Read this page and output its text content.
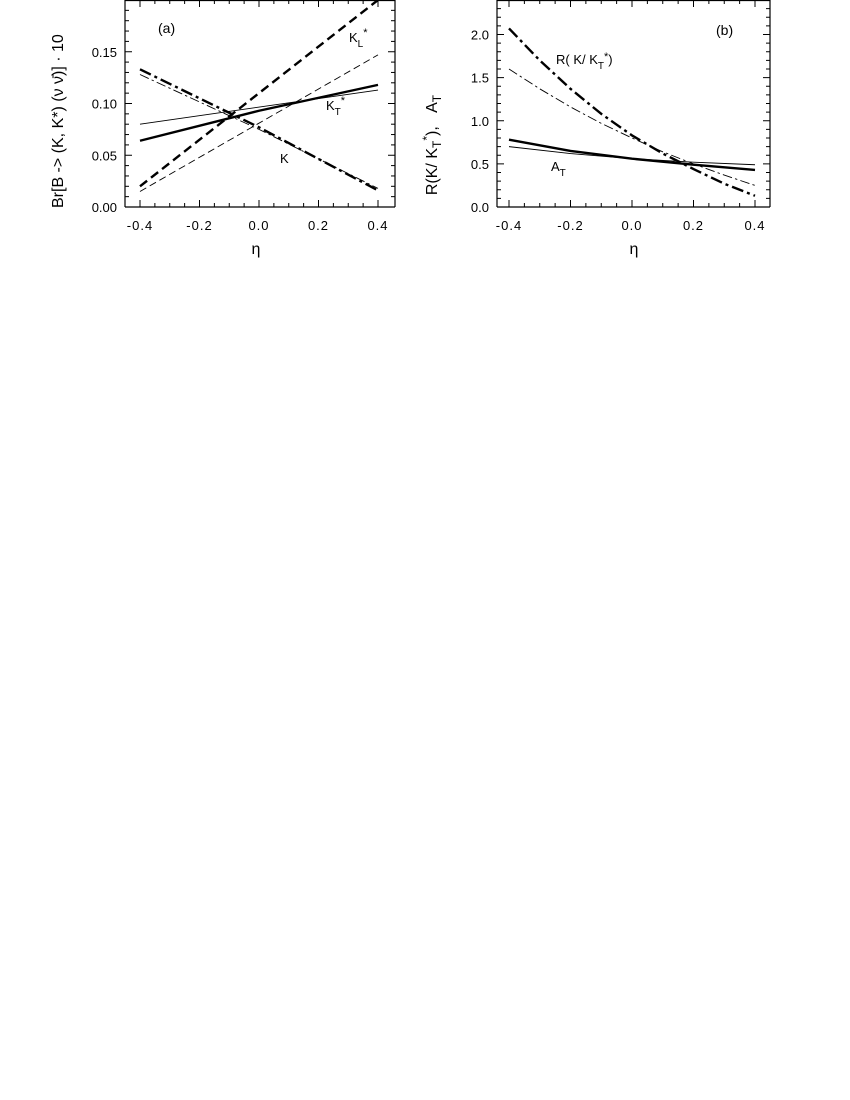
-0.4	-0.2	0.0	0.2	0.4
0.00
0.05
0.10
0.15
(a)
$K_L^*$
$K_T^*$
K
η
Br[B -> (K, K*) (ν ν̄)] · 10
-0.4	-0.2	0.0	0.2	0.4
0.0
0.5
1.0
1.5
2.0	(b)
R( K/ $K_T^*$)
$A_T$
η
R(K/ $K_T^*$),   $A_T$
